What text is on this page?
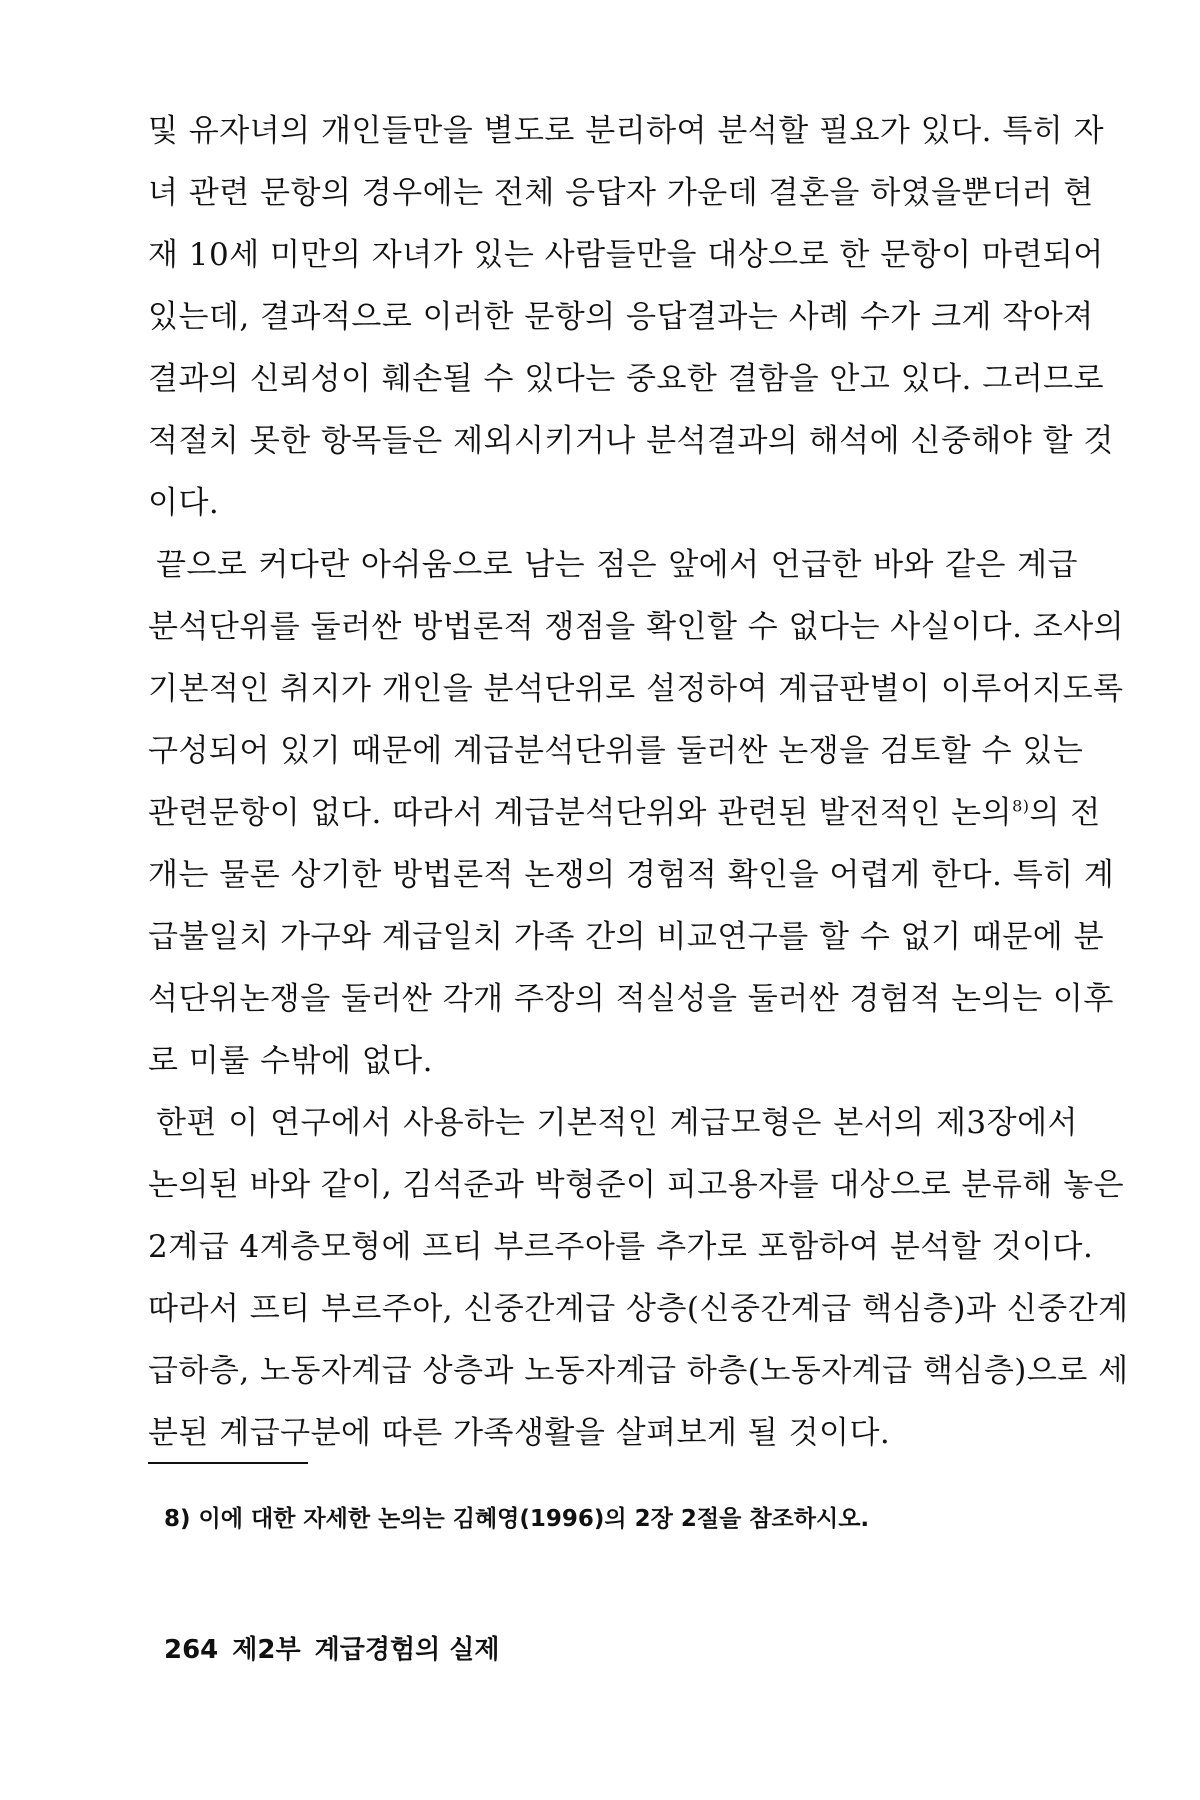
및 유자녀의 개인들만을 별도로 분리하여 분석할 필요가 있다. 특히 자
녀 관련 문항의 경우에는 전체 응답자 가운데 결혼을 하였을뿐더러 현
재 10세 미만의 자녀가 있는 사람들만을 대상으로 한 문항이 마련되어
있는데, 결과적으로 이러한 문항의 응답결과는 사례 수가 크게 작아져
결과의 신뢰성이 훼손될 수 있다는 중요한 결함을 안고 있다. 그러므로
적절치 못한 항목들은 제외시키거나 분석결과의 해석에 신중해야 할 것
이다.
끝으로 커다란 아쉬움으로 남는 점은 앞에서 언급한 바와 같은 계급
분석단위를 둘러싼 방법론적 쟁점을 확인할 수 없다는 사실이다. 조사의
기본적인 취지가 개인을 분석단위로 설정하여 계급판별이 이루어지도록
구성되어 있기 때문에 계급분석단위를 둘러싼 논쟁을 검토할 수 있는
관련문항이 없다. 따라서 계급분석단위와 관련된 발전적인 논의$^{8)}$의 전
개는 물론 상기한 방법론적 논쟁의 경험적 확인을 어렵게 한다. 특히 계
급불일치 가구와 계급일치 가족 간의 비교연구를 할 수 없기 때문에 분
석단위논쟁을 둘러싼 각개 주장의 적실성을 둘러싼 경험적 논의는 이후
로 미룰 수밖에 없다.
한편 이 연구에서 사용하는 기본적인 계급모형은 본서의 제3장에서
논의된 바와 같이, 김석준과 박형준이 피고용자를 대상으로 분류해 놓은
2계급 4계층모형에 프티 부르주아를 추가로 포함하여 분석할 것이다.
따라서 프티 부르주아, 신중간계급 상층(신중간계급 핵심층)과 신중간계
급하층, 노동자계급 상층과 노동자계급 하층(노동자계급 핵심층)으로 세
분된 계급구분에 따른 가족생활을 살펴보게 될 것이다.
8) 이에 대한 자세한 논의는 김혜영(1996)의 2장 2절을 참조하시오.
264 제2부 계급경험의 실제
